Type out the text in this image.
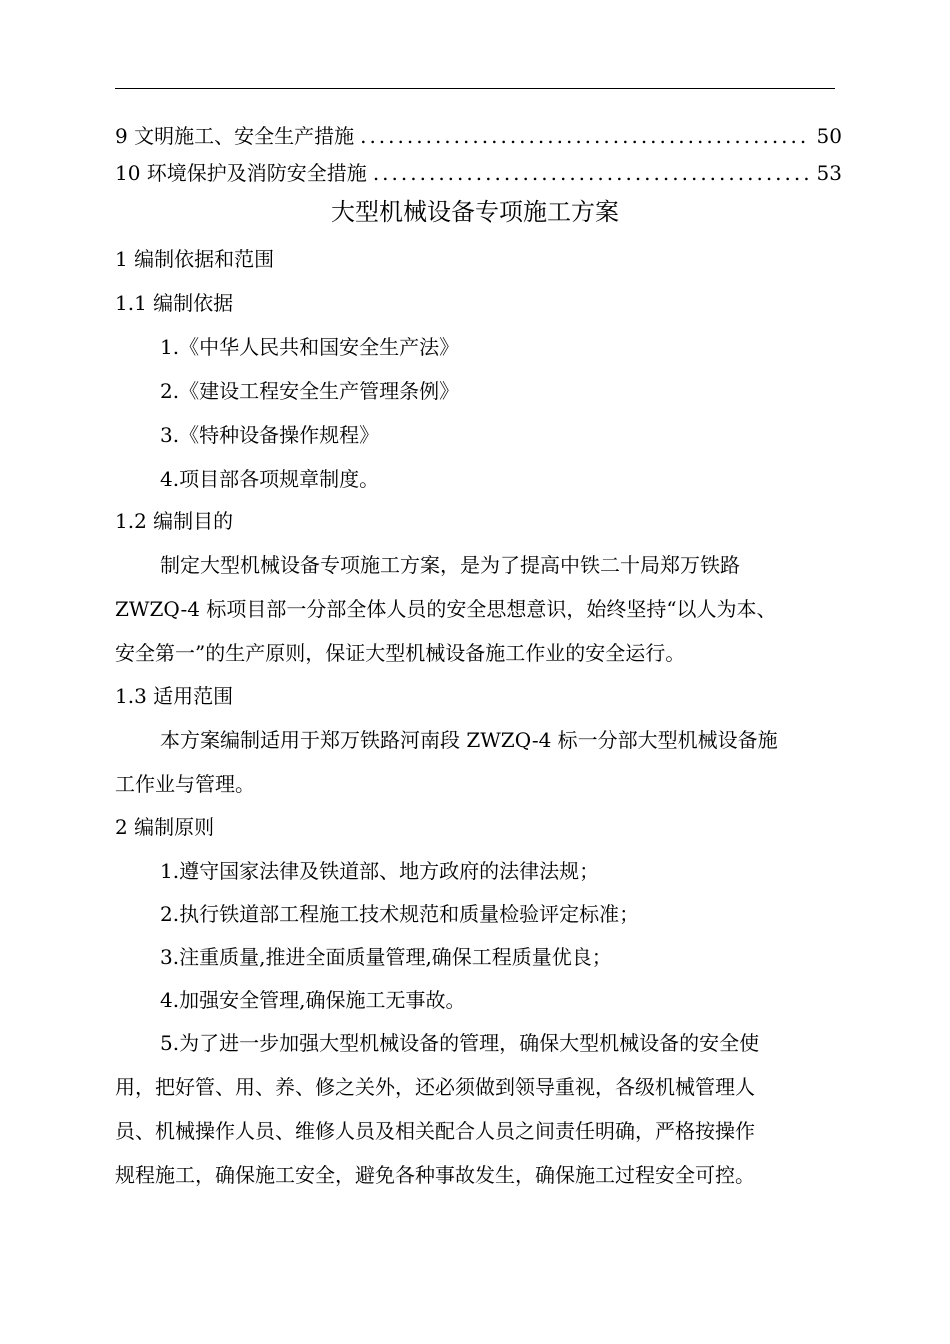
9 文明施工、安全生产措施 .....	50
10 环境保护及消防安全措施 .....	53
大型机械设备专项施工方案
1 编制依据和范围
1.1 编制依据
1.《中华人民共和国安全生产法》
2.《建设工程安全生产管理条例》
3.《特种设备操作规程》
4.项目部各项规章制度。
1.2 编制目的
制定大型机械设备专项施工方案，是为了提高中铁二十局郑万铁路
ZWZQ-4 标项目部一分部全体人员的安全思想意识，始终坚持“以人为本、
安全第一”的生产原则，保证大型机械设备施工作业的安全运行。
1.3 适用范围
本方案编制适用于郑万铁路河南段 ZWZQ-4 标一分部大型机械设备施
工作业与管理。
2 编制原则
1.遵守国家法律及铁道部、地方政府的法律法规；
2.执行铁道部工程施工技术规范和质量检验评定标准；
3.注重质量,推进全面质量管理,确保工程质量优良；
4.加强安全管理,确保施工无事故。
5.为了进一步加强大型机械设备的管理，确保大型机械设备的安全使
用，把好管、用、养、修之关外，还必须做到领导重视，各级机械管理人
员、机械操作人员、维修人员及相关配合人员之间责任明确，严格按操作
规程施工，确保施工安全，避免各种事故发生，确保施工过程安全可控。
